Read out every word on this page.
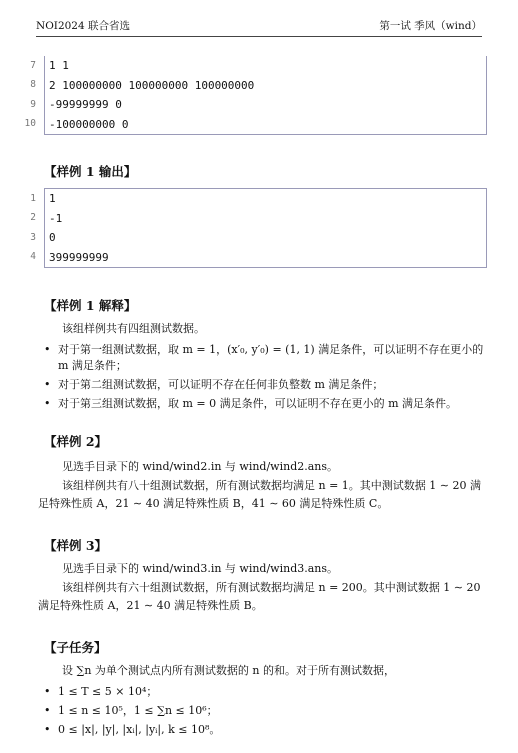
NOI2024 联合省选	第一试 季风（wind）
7	1 1
8	2 100000000 100000000 100000000
9	-99999999 0
10	-100000000 0
【样例 1 输出】
1	1
2	-1
3	0
4	399999999
【样例 1 解释】

该组样例共有四组测试数据。

• 对于第一组测试数据，取 m = 1，(x′₀, y′₀) = (1, 1) 满足条件，可以证明不存在更小的 m 满足条件；
• 对于第二组测试数据，可以证明不存在任何非负整数 m 满足条件；
• 对于第三组测试数据，取 m = 0 满足条件，可以证明不存在更小的 m 满足条件。
【样例 2】

见选手目录下的 wind/wind2.in 与 wind/wind2.ans。

该组样例共有八十组测试数据，所有测试数据均满足 n = 1。其中测试数据 1 ∼ 20 满足特殊性质 A，21 ∼ 40 满足特殊性质 B，41 ∼ 60 满足特殊性质 C。

【样例 3】

见选手目录下的 wind/wind3.in 与 wind/wind3.ans。

该组样例共有六十组测试数据，所有测试数据均满足 n = 200。其中测试数据 1 ∼ 20 满足特殊性质 A，21 ∼ 40 满足特殊性质 B。

【子任务】

设 ∑n 为单个测试点内所有测试数据的 n 的和。对于所有测试数据，

• 1 ≤ T ≤ 5 × 10⁴；
• 1 ≤ n ≤ 10⁵，1 ≤ ∑n ≤ 10⁶；
• 0 ≤ |x|, |y|, |xᵢ|, |yᵢ|, k ≤ 10⁸。
